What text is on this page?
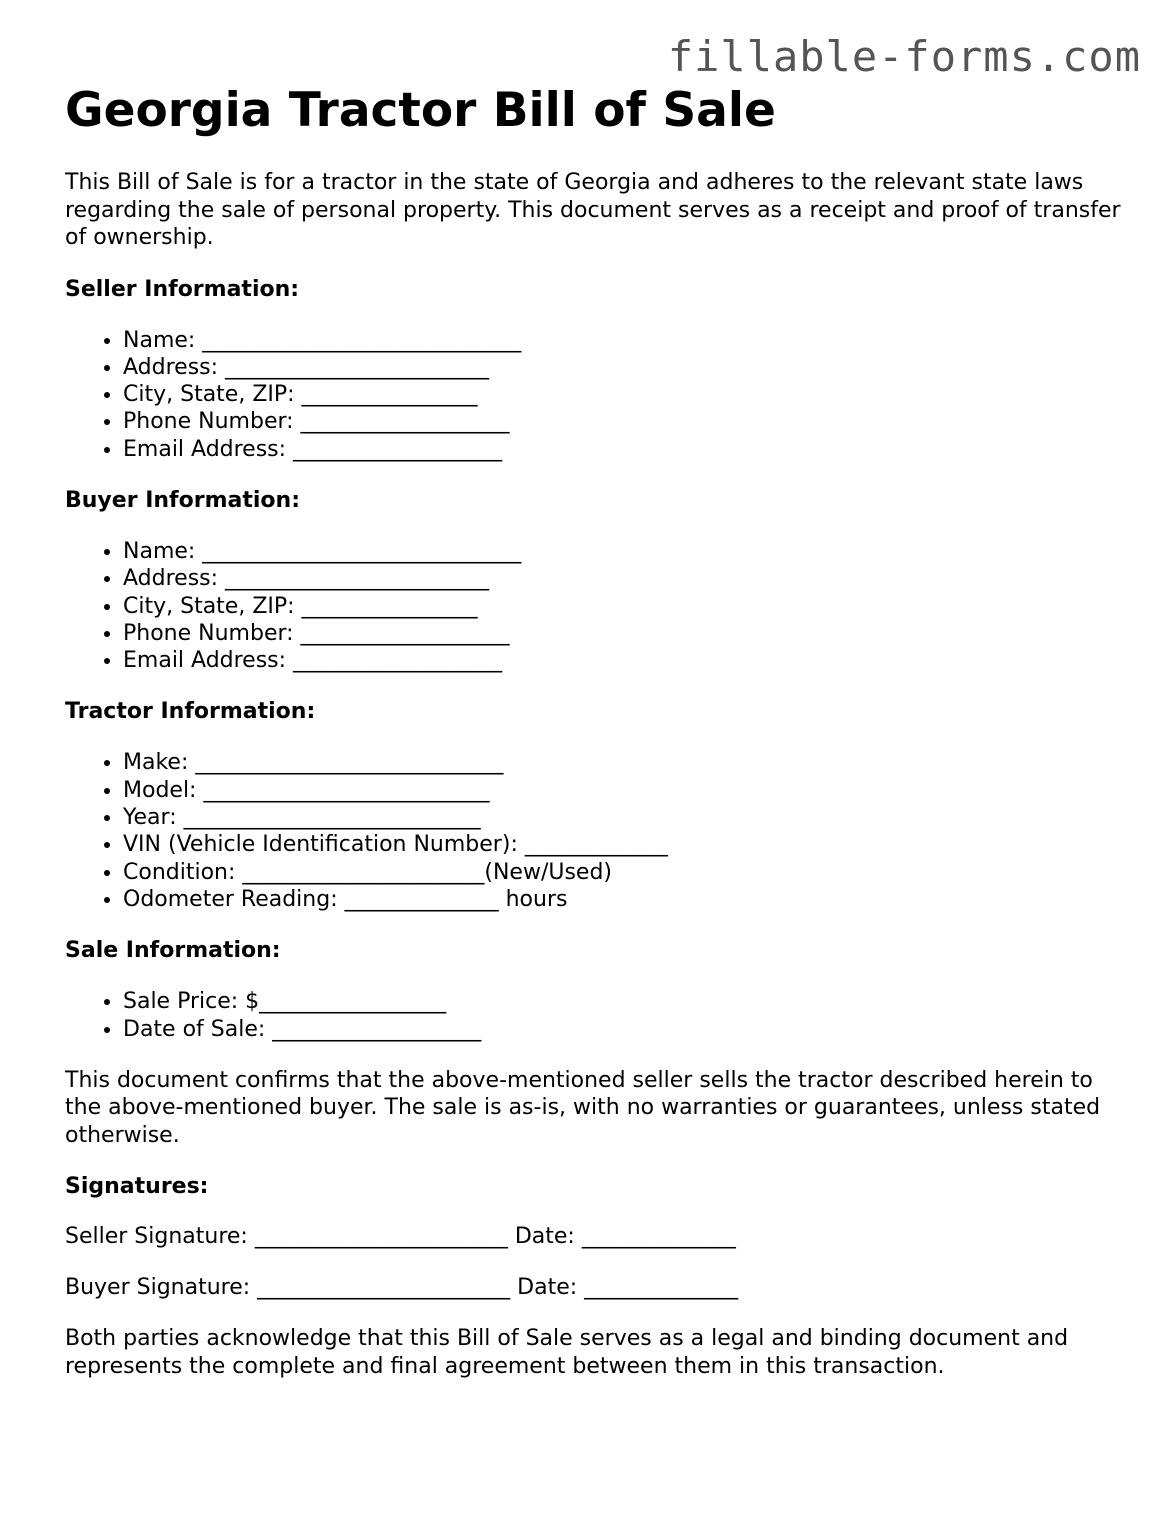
fillable-forms.com
Georgia Tractor Bill of Sale

This Bill of Sale is for a tractor in the state of Georgia and adheres to the relevant state laws regarding the sale of personal property. This document serves as a receipt and proof of transfer of ownership.

Seller Information:
• Name: _____________________________
• Address: ________________________
• City, State, ZIP: ________________
• Phone Number: ___________________
• Email Address: ___________________
Buyer Information:
• Name: _____________________________
• Address: ________________________
• City, State, ZIP: ________________
• Phone Number: ___________________
• Email Address: ___________________
Tractor Information:
• Make: ____________________________
• Model: __________________________
• Year: ___________________________
• VIN (Vehicle Identification Number): _____________
• Condition: ______________________(New/Used)
• Odometer Reading: ______________ hours
Sale Information:
• Sale Price: $_________________
• Date of Sale: ___________________

This document confirms that the above-mentioned seller sells the tractor described herein to the above-mentioned buyer. The sale is as-is, with no warranties or guarantees, unless stated otherwise.

Signatures:

Seller Signature: _______________________ Date: ______________

Buyer Signature: _______________________ Date: ______________

Both parties acknowledge that this Bill of Sale serves as a legal and binding document and represents the complete and final agreement between them in this transaction.
